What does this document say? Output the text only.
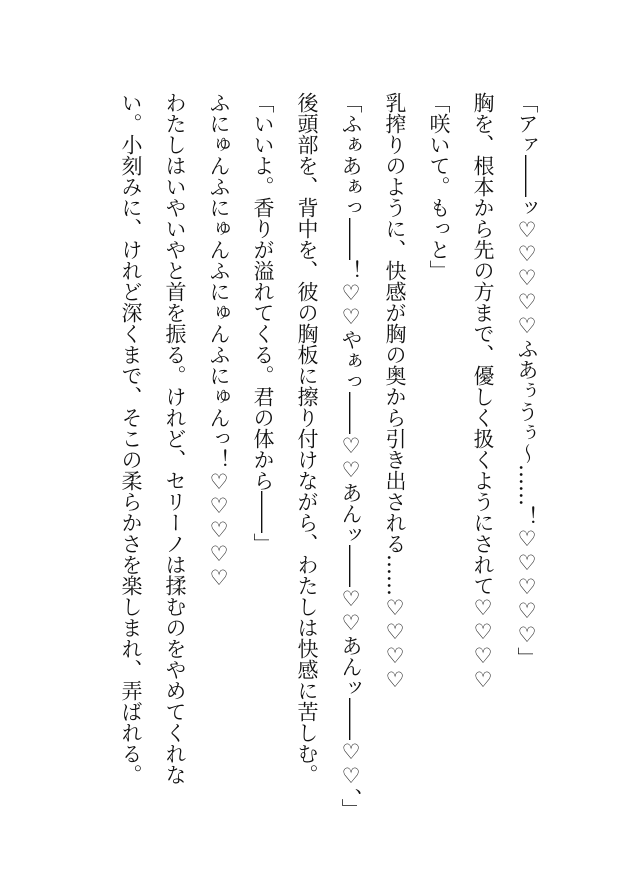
「アァ――ッ♡♡♡♡♡ふあぅうぅ～……！♡♡♡♡♡」
胸を、根本から先の方まで、優しく扱くようにされて♡♡♡♡
「咲いて。もっと」
乳搾りのように、快感が胸の奥から引き出される……♡♡♡♡
「ふぁあぁっ――！♡♡やぁっ――♡♡あんッ――♡♡あんッ――♡♡、」
後頭部を、背中を、彼の胸板に擦り付けながら、わたしは快感に苦しむ。
「いいよ。香りが溢れてくる。君の体から――」
ふにゅんふにゅんふにゅんふにゅんっ！♡♡♡♡♡
わたしはいやいやと首を振る。けれど、セリーノは揉むのをやめてくれな
い。小刻みに、けれど深くまで、そこの柔らかさを楽しまれ、弄ばれる。
